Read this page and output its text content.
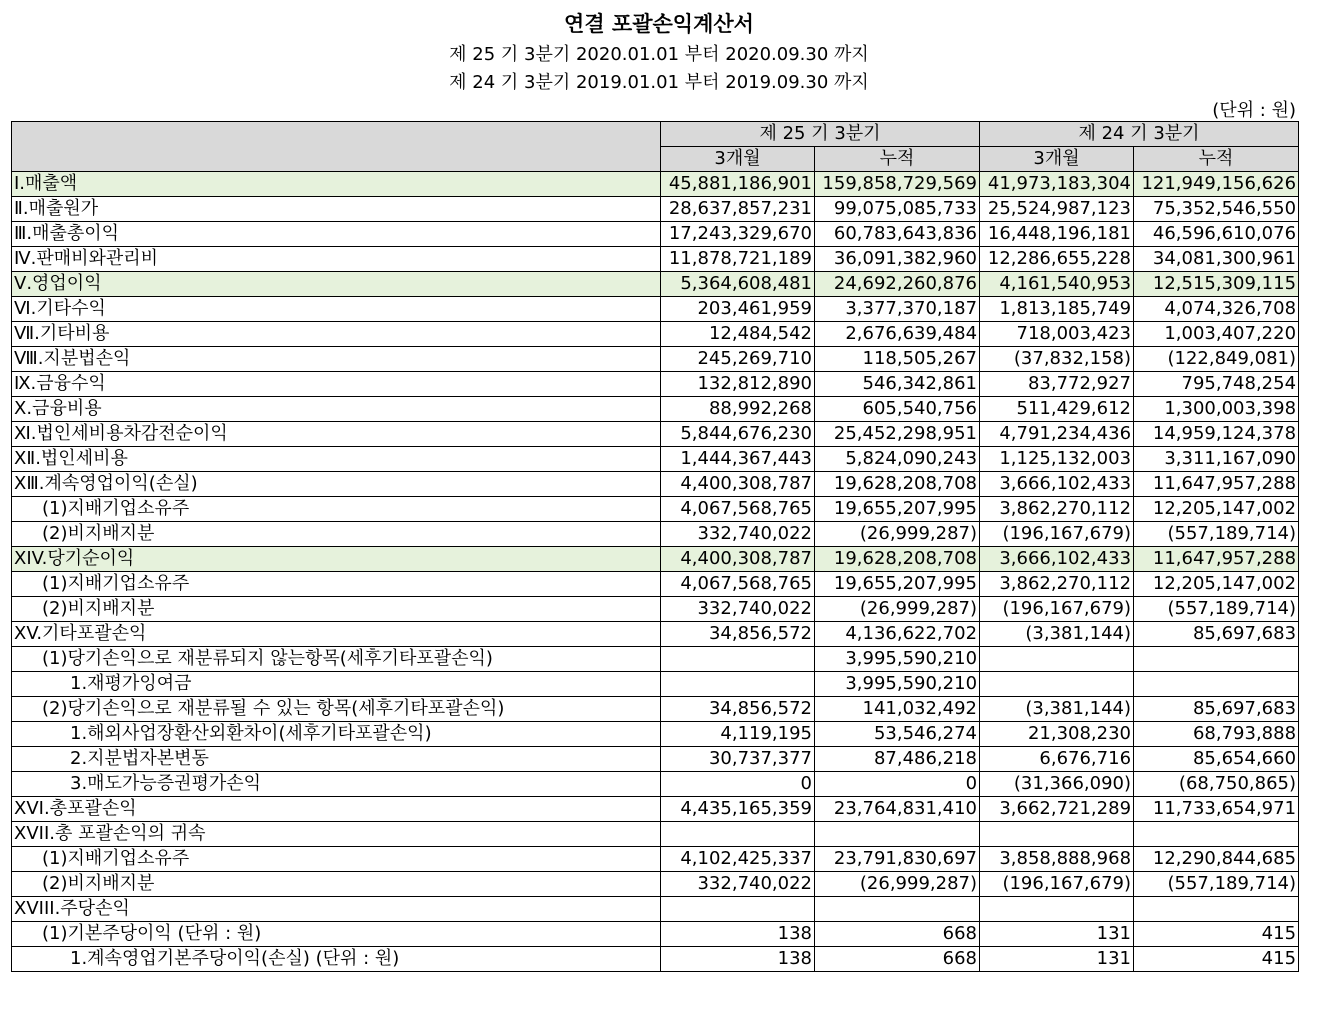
연결 포괄손익계산서
제 25 기 3분기 2020.01.01 부터 2020.09.30 까지
제 24 기 3분기 2019.01.01 부터 2019.09.30 까지
(단위 : 원)
	제 25 기 3분기		제 24 기 3분기	
	3개월	누적	3개월	누적
Ⅰ.매출액	45,881,186,901	159,858,729,569	41,973,183,304	121,949,156,626
Ⅱ.매출원가	28,637,857,231	99,075,085,733	25,524,987,123	75,352,546,550
Ⅲ.매출총이익	17,243,329,670	60,783,643,836	16,448,196,181	46,596,610,076
Ⅳ.판매비와관리비	11,878,721,189	36,091,382,960	12,286,655,228	34,081,300,961
Ⅴ.영업이익	5,364,608,481	24,692,260,876	4,161,540,953	12,515,309,115
Ⅵ.기타수익	203,461,959	3,377,370,187	1,813,185,749	4,074,326,708
Ⅶ.기타비용	12,484,542	2,676,639,484	718,003,423	1,003,407,220
Ⅷ.지분법손익	245,269,710	118,505,267	(37,832,158)	(122,849,081)
Ⅸ.금융수익	132,812,890	546,342,861	83,772,927	795,748,254
Ⅹ.금융비용	88,992,268	605,540,756	511,429,612	1,300,003,398
Ⅺ.법인세비용차감전순이익	5,844,676,230	25,452,298,951	4,791,234,436	14,959,124,378
ⅩⅡ.법인세비용	1,444,367,443	5,824,090,243	1,125,132,003	3,311,167,090
ⅩⅢ.계속영업이익(손실)	4,400,308,787	19,628,208,708	3,666,102,433	11,647,957,288
(1)지배기업소유주	4,067,568,765	19,655,207,995	3,862,270,112	12,205,147,002
(2)비지배지분	332,740,022	(26,999,287)	(196,167,679)	(557,189,714)
XIV.당기순이익	4,400,308,787	19,628,208,708	3,666,102,433	11,647,957,288
(1)지배기업소유주	4,067,568,765	19,655,207,995	3,862,270,112	12,205,147,002
(2)비지배지분	332,740,022	(26,999,287)	(196,167,679)	(557,189,714)
XV.기타포괄손익	34,856,572	4,136,622,702	(3,381,144)	85,697,683
(1)당기손익으로 재분류되지 않는항목(세후기타포괄손익)		3,995,590,210		
1.재평가잉여금		3,995,590,210		
(2)당기손익으로 재분류될 수 있는 항목(세후기타포괄손익)	34,856,572	141,032,492	(3,381,144)	85,697,683
1.해외사업장환산외환차이(세후기타포괄손익)	4,119,195	53,546,274	21,308,230	68,793,888
2.지분법자본변동	30,737,377	87,486,218	6,676,716	85,654,660
3.매도가능증권평가손익	0	0	(31,366,090)	(68,750,865)
XVI.총포괄손익	4,435,165,359	23,764,831,410	3,662,721,289	11,733,654,971
XVII.총 포괄손익의 귀속				
(1)지배기업소유주	4,102,425,337	23,791,830,697	3,858,888,968	12,290,844,685
(2)비지배지분	332,740,022	(26,999,287)	(196,167,679)	(557,189,714)
XVIII.주당손익				
(1)기본주당이익 (단위 : 원)	138	668	131	415
1.계속영업기본주당이익(손실) (단위 : 원)	138	668	131	415
